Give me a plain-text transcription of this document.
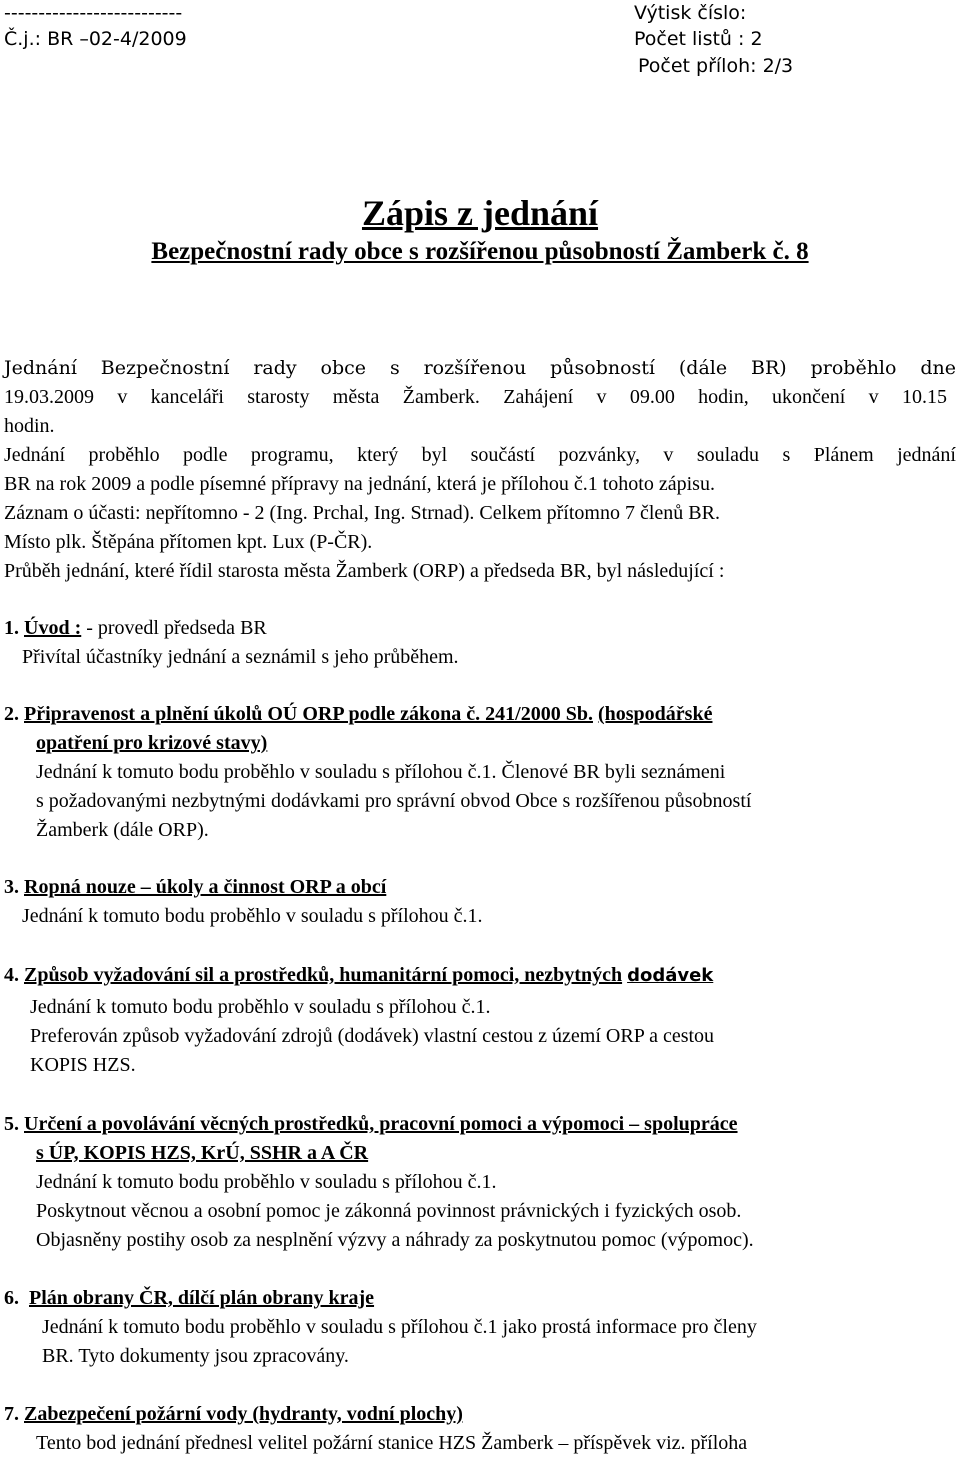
--------------------------
Č.j.: BR –02-4/2009
Výtisk číslo:
Počet listů : 2
Počet příloh: 2/3
Zápis z jednání
Bezpečnostní rady obce s rozšířenou působností Žamberk č. 8
Jednání Bezpečnostní rady obce s rozšířenou působností (dále BR) proběhlo dne
19.03.2009 v kanceláři starosty města Žamberk. Zahájení v 09.00 hodin, ukončení v 10.15
hodin.
Jednání proběhlo podle programu, který byl součástí pozvánky, v souladu s Plánem jednání
BR na rok 2009 a podle písemné přípravy na jednání, která je přílohou č.1 tohoto zápisu.
Záznam o účasti: nepřítomno - 2 (Ing. Prchal, Ing. Strnad). Celkem přítomno 7 členů BR.
Místo plk. Štěpána přítomen kpt. Lux (P-ČR).
Průběh jednání, které řídil starosta města Žamberk (ORP) a předseda BR, byl následující :
1. Úvod : - provedl předseda BR
Přivítal účastníky jednání a seznámil s jeho průběhem.
2. Připravenost a plnění úkolů OÚ ORP podle zákona č. 241/2000 Sb. (hospodářské
opatření pro krizové stavy)
Jednání k tomuto bodu proběhlo v souladu s přílohou č.1. Členové BR byli seznámeni
s požadovanými nezbytnými dodávkami pro správní obvod Obce s rozšířenou působností
Žamberk (dále ORP).
3. Ropná nouze – úkoly a činnost ORP a obcí
Jednání k tomuto bodu proběhlo v souladu s přílohou č.1.
4. Způsob vyžadování sil a prostředků, humanitární pomoci, nezbytných dodávek
Jednání k tomuto bodu proběhlo v souladu s přílohou č.1.
Preferován způsob vyžadování zdrojů (dodávek) vlastní cestou z území ORP a cestou
KOPIS HZS.
5. Určení a povolávání věcných prostředků, pracovní pomoci a výpomoci – spolupráce
s ÚP, KOPIS HZS, KrÚ, SSHR a A ČR
Jednání k tomuto bodu proběhlo v souladu s přílohou č.1.
Poskytnout věcnou a osobní pomoc je zákonná povinnost právnických i fyzických osob.
Objasněny postihy osob za nesplnění výzvy a náhrady za poskytnutou pomoc (výpomoc).
6. Plán obrany ČR, dílčí plán obrany kraje
Jednání k tomuto bodu proběhlo v souladu s přílohou č.1 jako prostá informace pro členy
BR. Tyto dokumenty jsou zpracovány.
7. Zabezpečení požární vody (hydranty, vodní plochy)
Tento bod jednání přednesl velitel požární stanice HZS Žamberk – příspěvek viz. příloha
